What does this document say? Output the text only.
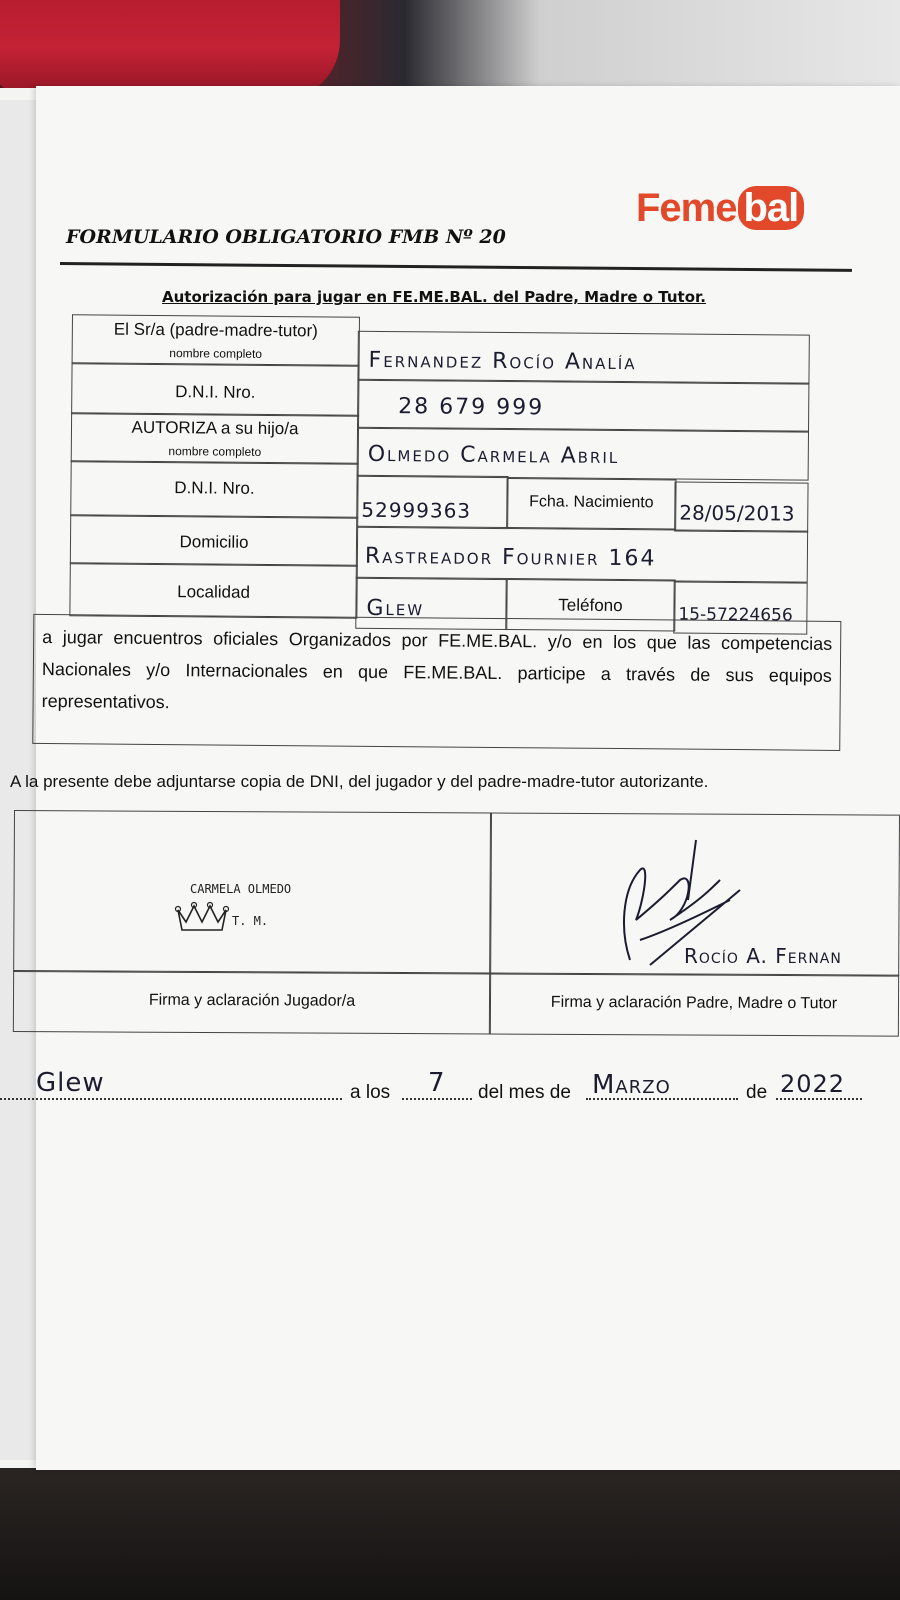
Feme bal
FORMULARIO OBLIGATORIO FMB Nº 20
Autorización para jugar en FE.ME.BAL. del Padre, Madre o Tutor.
El Sr/a (padre-madre-tutor)
nombre completo	Fernandez Rocío Analía
D.N.I. Nro.
28 679 999
AUTORIZA a su hijo/a
nombre completo	Olmedo Carmela Abril
D.N.I. Nro.
52999363	Fcha. Nacimiento	28/05/2013
Domicilio
Rastreador Fournier 164
Localidad
Glew	Teléfono	15-57224656
a jugar encuentros oficiales Organizados por FE.ME.BAL. y/o en los que las competencias Nacionales y/o Internacionales en que FE.ME.BAL. participe a través de sus equipos representativos.
A la presente debe adjuntarse copia de DNI, del jugador y del padre-madre-tutor autorizante.
Firma y aclaración Jugador/a	Firma y aclaración Padre, Madre o Tutor
CARMELA OLMEDO
T. M.
Rocío A. Fernan
Glew	a los 7 del mes de Marzo	de 2022
